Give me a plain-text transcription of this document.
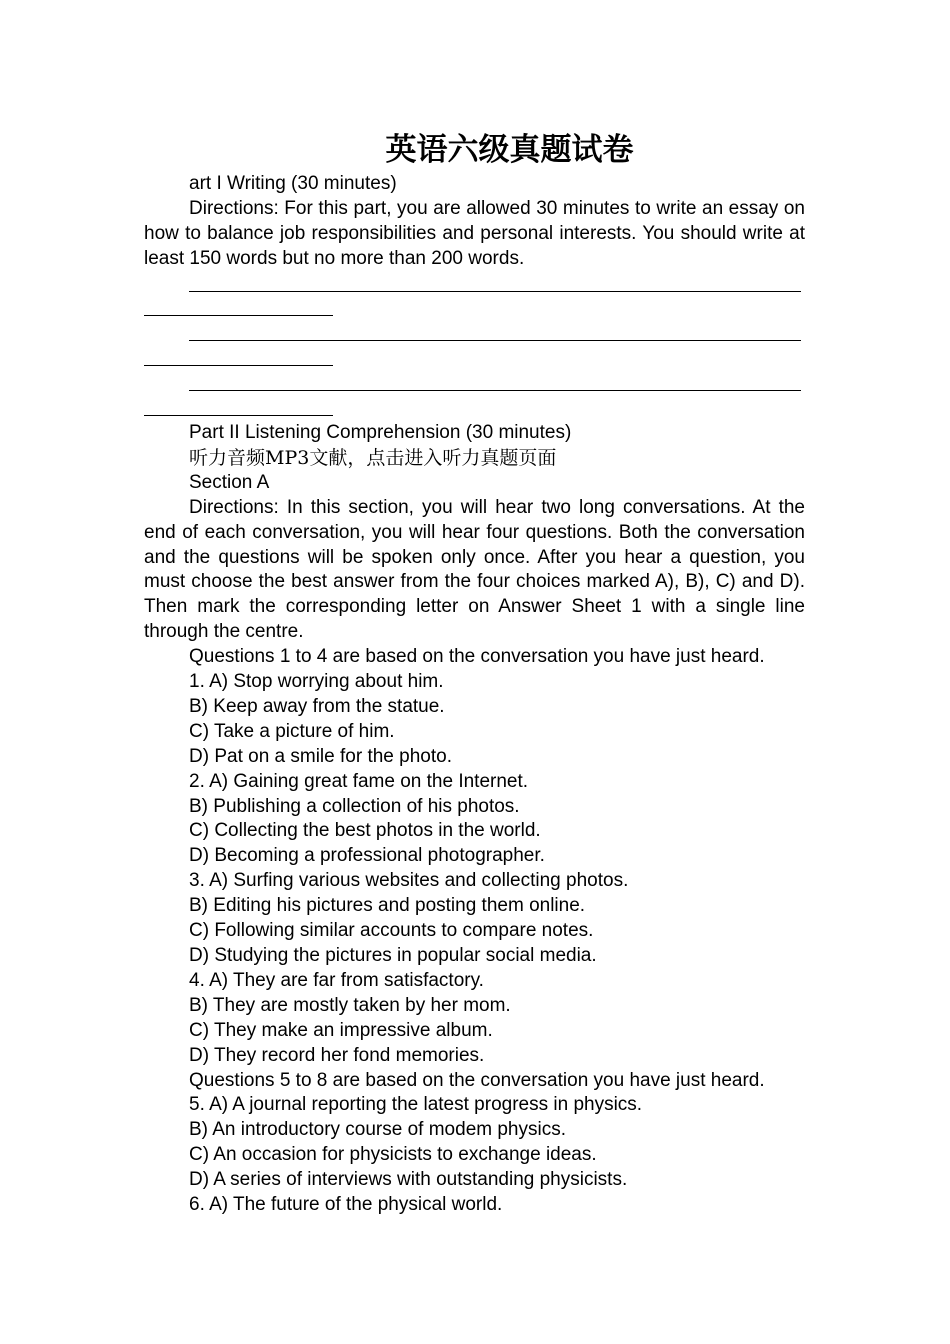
英语六级真题试卷

art I Writing (30 minutes)

Directions: For this part, you are allowed 30 minutes to write an essay on how to balance job responsibilities and personal interests. You should write at least 150 words but no more than 200 words.

Part II Listening Comprehension (30 minutes)

听力音频MP3文献，点击进入听力真题页面

Section A

Directions: In this section, you will hear two long conversations. At the end of each conversation, you will hear four questions. Both the conversation and the questions will be spoken only once. After you hear a question, you must choose the best answer from the four choices marked A), B), C) and D). Then mark the corresponding letter on Answer Sheet 1 with a single line through the centre.

Questions 1 to 4 are based on the conversation you have just heard.

1. A) Stop worrying about him.

B) Keep away from the statue.

C) Take a picture of him.

D) Pat on a smile for the photo.

2. A) Gaining great fame on the Internet.

B) Publishing a collection of his photos.

C) Collecting the best photos in the world.

D) Becoming a professional photographer.

3. A) Surfing various websites and collecting photos.

B) Editing his pictures and posting them online.

C) Following similar accounts to compare notes.

D) Studying the pictures in popular social media.

4. A) They are far from satisfactory.

B) They are mostly taken by her mom.

C) They make an impressive album.

D) They record her fond memories.

Questions 5 to 8 are based on the conversation you have just heard.

5. A) A journal reporting the latest progress in physics.

B) An introductory course of modem physics.

C) An occasion for physicists to exchange ideas.

D) A series of interviews with outstanding physicists.

6. A) The future of the physical world.
